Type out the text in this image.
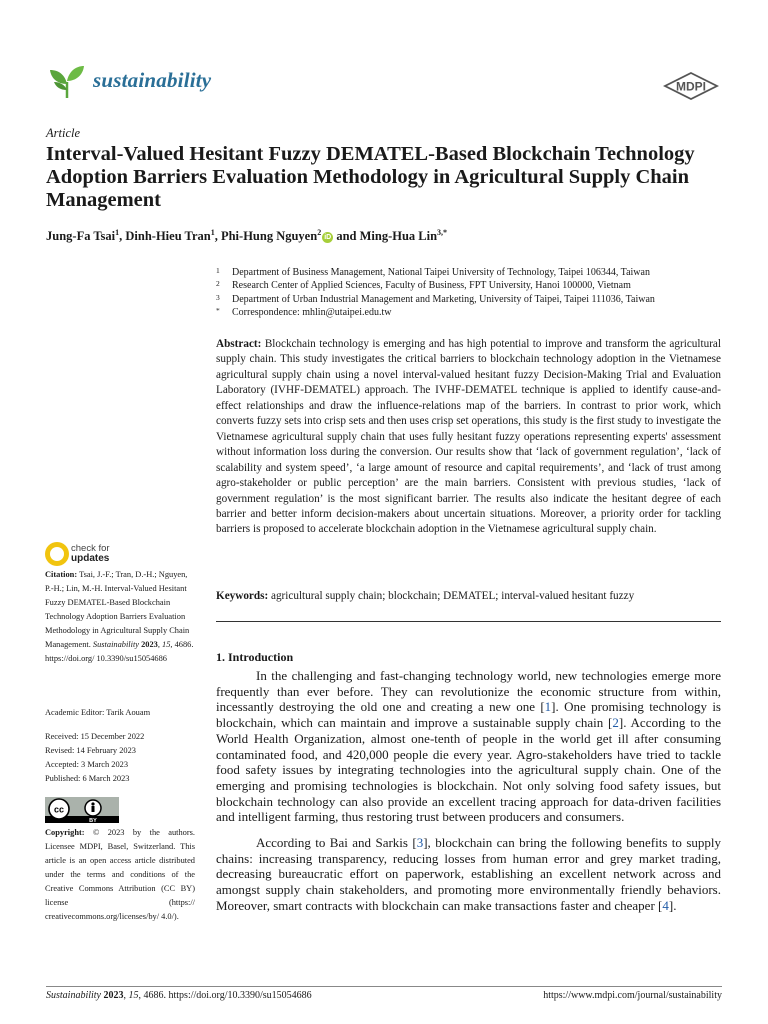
sustainability	MDPI
Article
Interval-Valued Hesitant Fuzzy DEMATEL-Based Blockchain Technology Adoption Barriers Evaluation Methodology in Agricultural Supply Chain Management
Jung-Fa Tsai$^1$, Dinh-Hieu Tran$^1$, Phi-Hung Nguyen$^2$iD and Ming-Hua Lin$^{3,*}$
1 Department of Business Management, National Taipei University of Technology, Taipei 106344, Taiwan
2 Research Center of Applied Sciences, Faculty of Business, FPT University, Hanoi 100000, Vietnam
3 Department of Urban Industrial Management and Marketing, University of Taipei, Taipei 111036, Taiwan
* Correspondence: mhlin@utaipei.edu.tw

Abstract: Blockchain technology is emerging and has high potential to improve and transform the agricultural supply chain. This study investigates the critical barriers to blockchain technology adoption in the Vietnamese agricultural supply chain using a novel interval-valued hesitant fuzzy Decision-Making Trial and Evaluation Laboratory (IVHF-DEMATEL) approach. The IVHF-DEMATEL technique is applied to identify cause-and-effect relationships and draw the influence-relations map of the barriers. In contrast to prior work, which converts fuzzy sets into crisp sets and then uses crisp set operations, this study is the first study to investigate the Vietnamese agricultural supply chain that uses fully hesitant fuzzy operations representing experts' assessment without information loss during the conversion. Our results show that ‘lack of government regulation’, ‘lack of scalability and system speed’, ‘a large amount of resource and capital requirements’, and ‘lack of trust among agro-stakeholder or public perception’ are the main barriers. Consistent with previous studies, ‘lack of government regulation’ is the most significant barrier. The results also indicate the hesitant degree of each barrier and better inform decision-makers about uncertain situations. Moreover, a priority order for tackling barriers is proposed to accelerate blockchain adoption in the Vietnamese agricultural supply chain.

Keywords: agricultural supply chain; blockchain; DEMATEL; interval-valued hesitant fuzzy
check for
updates
Citation: Tsai, J.-F.; Tran, D.-H.; Nguyen, P.-H.; Lin, M.-H. Interval-Valued Hesitant Fuzzy DEMATEL-Based Blockchain Technology Adoption Barriers Evaluation Methodology in Agricultural Supply Chain Management. Sustainability 2023, 15, 4686. https://doi.org/ 10.3390/su15054686
Academic Editor: Tarik Aouam
Received: 15 December 2022
Revised: 14 February 2023
Accepted: 3 March 2023
Published: 6 March 2023
cc
BY
Copyright: © 2023 by the authors. Licensee MDPI, Basel, Switzerland. This article is an open access article distributed under the terms and conditions of the Creative Commons Attribution (CC BY) license (https:// creativecommons.org/licenses/by/ 4.0/).
1. Introduction

In the challenging and fast-changing technology world, new technologies emerge more frequently than ever before. They can revolutionize the economic structure from within, incessantly destroying the old one and creating a new one [1]. One promising technology is blockchain, which can maintain and improve a sustainable supply chain [2]. According to the World Health Organization, almost one-tenth of people in the world get ill after consuming contaminated food, and 420,000 people die every year. Agro-stakeholders have tried to tackle food safety issues by integrating technologies into the agricultural supply chain. One of the emerging and promising technologies is blockchain. Not only solving food safety issues, but blockchain technology can also provide an excellent tracing approach for data-driven facilities and intelligent farming, thus restoring trust between producers and consumers.

According to Bai and Sarkis [3], blockchain can bring the following benefits to supply chains: increasing transparency, reducing losses from human error and grey market trading, decreasing bureaucratic effort on paperwork, establishing an excellent network across and amongst supply chain stakeholders, and promoting more environmentally friendly behaviors. Moreover, smart contracts with blockchain can make transactions faster and cheaper [4].

Sustainability 2023, 15, 4686. https://doi.org/10.3390/su15054686	https://www.mdpi.com/journal/sustainability
